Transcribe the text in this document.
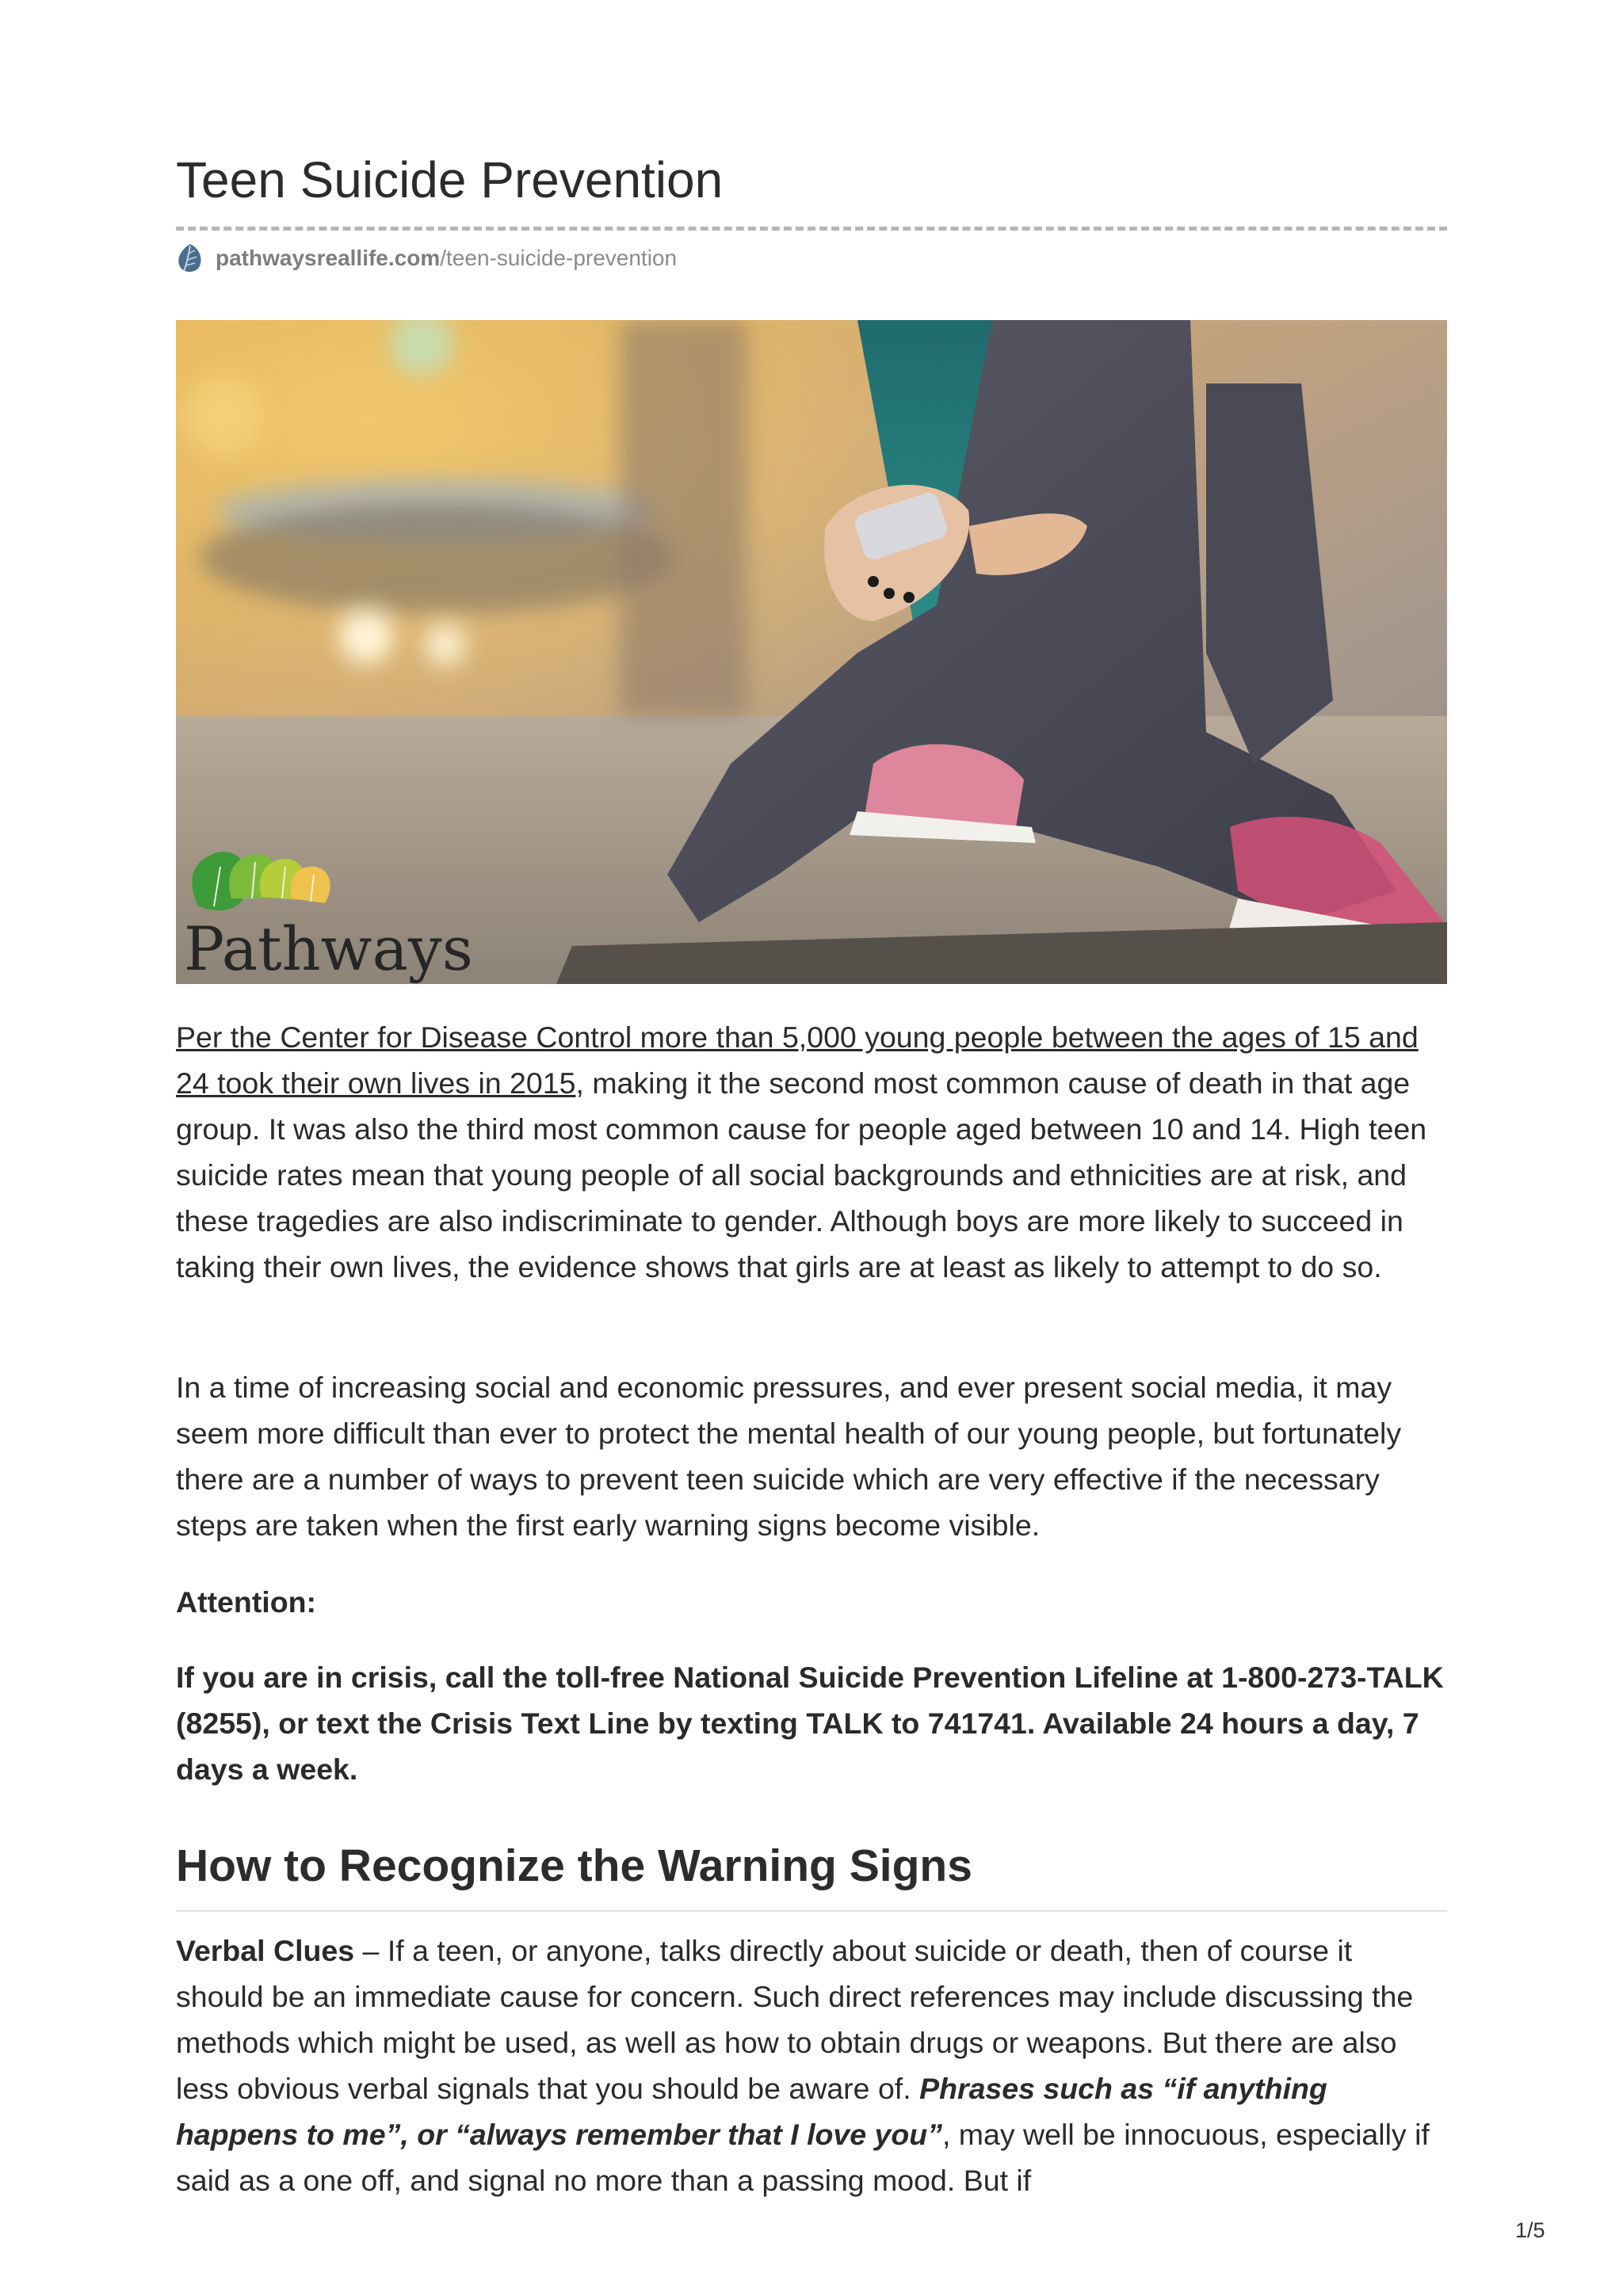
Teen Suicide Prevention
pathwaysreallife.com/teen-suicide-prevention
Pathways

Per the Center for Disease Control more than 5,000 young people between the ages of 15 and 24 took their own lives in 2015, making it the second most common cause of death in that age group. It was also the third most common cause for people aged between 10 and 14. High teen suicide rates mean that young people of all social backgrounds and ethnicities are at risk, and these tragedies are also indiscriminate to gender. Although boys are more likely to succeed in taking their own lives, the evidence shows that girls are at least as likely to attempt to do so.

In a time of increasing social and economic pressures, and ever present social media, it may seem more difficult than ever to protect the mental health of our young people, but fortunately there are a number of ways to prevent teen suicide which are very effective if the necessary steps are taken when the first early warning signs become visible.

Attention:

If you are in crisis, call the toll-free National Suicide Prevention Lifeline at 1-800-273-TALK (8255), or text the Crisis Text Line by texting TALK to 741741. Available 24 hours a day, 7 days a week.

How to Recognize the Warning Signs

Verbal Clues – If a teen, or anyone, talks directly about suicide or death, then of course it should be an immediate cause for concern. Such direct references may include discussing the methods which might be used, as well as how to obtain drugs or weapons. But there are also less obvious verbal signals that you should be aware of. Phrases such as “if anything happens to me”, or “always remember that I love you”, may well be innocuous, especially if said as a one off, and signal no more than a passing mood. But if

1/5
